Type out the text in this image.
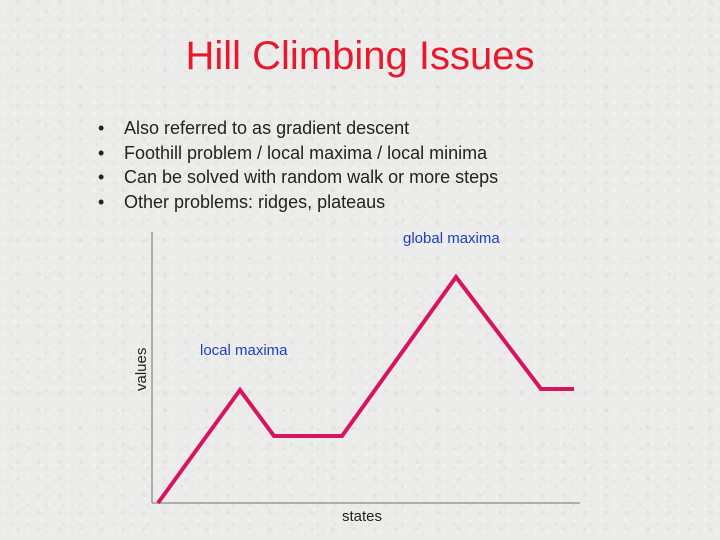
Hill Climbing Issues
• Also referred to as gradient descent
• Foothill problem / local maxima / local minima
• Can be solved with random walk or more steps
• Other problems: ridges, plateaus
global maxima
local maxima
states
values
